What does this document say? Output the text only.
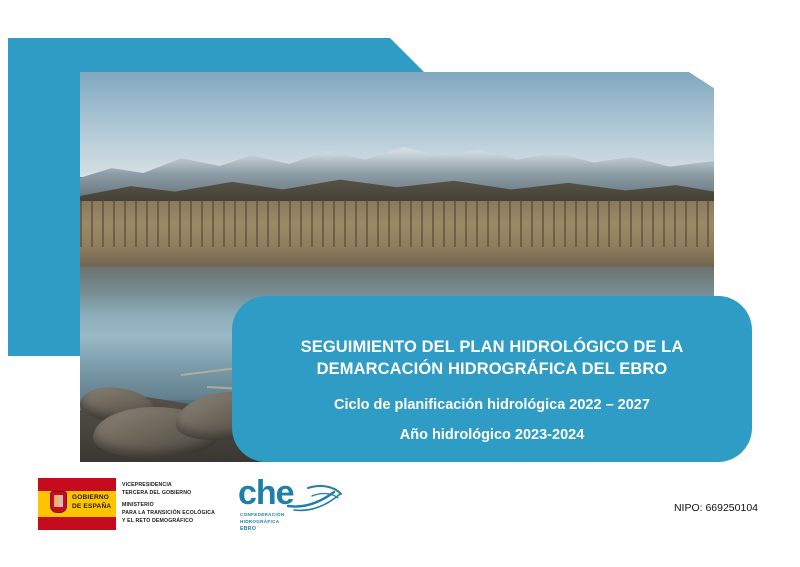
SEGUIMIENTO DEL PLAN HIDROLÓGICO DE LA
DEMARCACIÓN HIDROGRÁFICA DEL EBRO
Ciclo de planificación hidrológica 2022 – 2027
Año hidrológico 2023-2024
GOBIERNO
DE ESPAÑA
VICEPRESIDENCIA
TERCERA DEL GOBIERNO
MINISTERIO
PARA LA TRANSICIÓN ECOLÓGICA
Y EL RETO DEMOGRÁFICO
che
CONFEDERACIÓN
HIDROGRÁFICA
EBRO
NIPO: 669250104
